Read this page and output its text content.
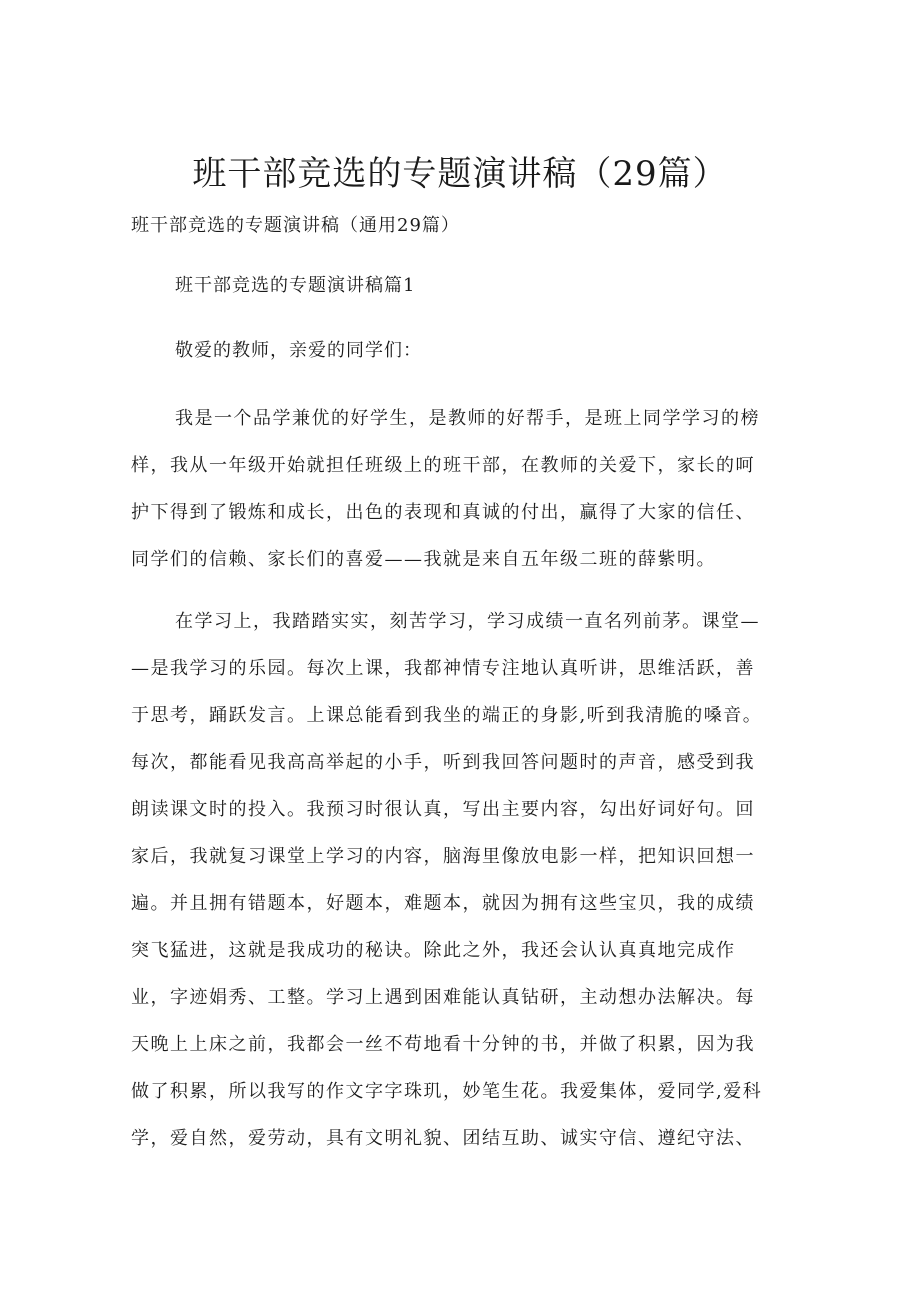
班干部竞选的专题演讲稿（29篇）

班干部竞选的专题演讲稿（通用29篇）

班干部竞选的专题演讲稿篇1

敬爱的教师，亲爱的同学们：

我是一个品学兼优的好学生，是教师的好帮手，是班上同学学习的榜
样，我从一年级开始就担任班级上的班干部，在教师的关爱下，家长的呵
护下得到了锻炼和成长，出色的表现和真诚的付出，赢得了大家的信任、
同学们的信赖、家长们的喜爱——我就是来自五年级二班的薛紫明。
在学习上，我踏踏实实，刻苦学习，学习成绩一直名列前茅。课堂—
—是我学习的乐园。每次上课，我都神情专注地认真听讲，思维活跃，善
于思考，踊跃发言。上课总能看到我坐的端正的身影,听到我清脆的嗓音。
每次，都能看见我高高举起的小手，听到我回答问题时的声音，感受到我
朗读课文时的投入。我预习时很认真，写出主要内容，勾出好词好句。回
家后，我就复习课堂上学习的内容，脑海里像放电影一样，把知识回想一
遍。并且拥有错题本，好题本，难题本，就因为拥有这些宝贝，我的成绩
突飞猛进，这就是我成功的秘诀。除此之外，我还会认认真真地完成作
业，字迹娟秀、工整。学习上遇到困难能认真钻研，主动想办法解决。每
天晚上上床之前，我都会一丝不苟地看十分钟的书，并做了积累，因为我
做了积累，所以我写的作文字字珠玑，妙笔生花。我爱集体，爱同学,爱科
学，爱自然，爱劳动，具有文明礼貌、团结互助、诚实守信、遵纪守法、
